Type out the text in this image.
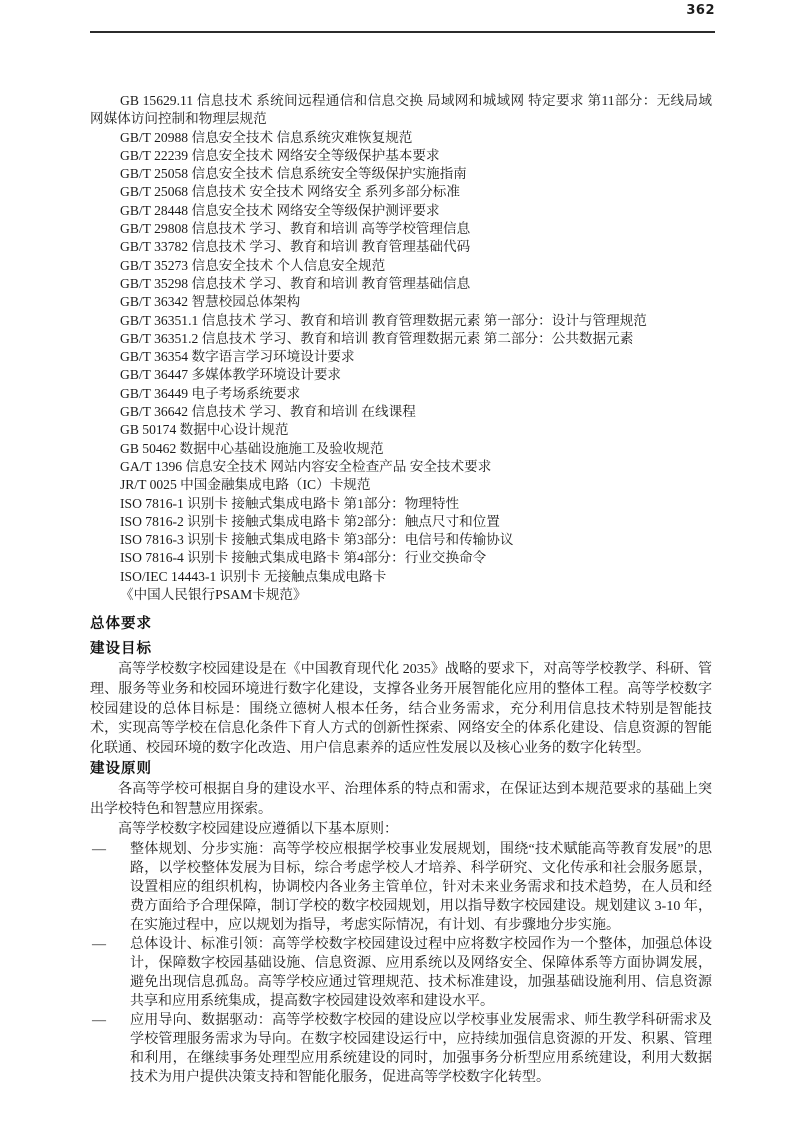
362

GB 15629.11 信息技术 系统间远程通信和信息交换 局域网和城域网 特定要求 第11部分：无线局域网媒体访问控制和物理层规范

GB/T 20988 信息安全技术 信息系统灾难恢复规范

GB/T 22239 信息安全技术 网络安全等级保护基本要求

GB/T 25058 信息安全技术 信息系统安全等级保护实施指南

GB/T 25068 信息技术 安全技术 网络安全 系列多部分标准

GB/T 28448 信息安全技术 网络安全等级保护测评要求

GB/T 29808 信息技术 学习、教育和培训 高等学校管理信息

GB/T 33782 信息技术 学习、教育和培训 教育管理基础代码

GB/T 35273 信息安全技术 个人信息安全规范

GB/T 35298 信息技术 学习、教育和培训 教育管理基础信息

GB/T 36342 智慧校园总体架构

GB/T 36351.1 信息技术 学习、教育和培训 教育管理数据元素 第一部分：设计与管理规范

GB/T 36351.2 信息技术 学习、教育和培训 教育管理数据元素 第二部分：公共数据元素

GB/T 36354 数字语言学习环境设计要求

GB/T 36447 多媒体教学环境设计要求

GB/T 36449 电子考场系统要求

GB/T 36642 信息技术 学习、教育和培训 在线课程

GB 50174 数据中心设计规范

GB 50462 数据中心基础设施施工及验收规范

GA/T 1396 信息安全技术 网站内容安全检查产品 安全技术要求

JR/T 0025 中国金融集成电路（IC）卡规范

ISO 7816-1 识别卡 接触式集成电路卡 第1部分：物理特性

ISO 7816-2 识别卡 接触式集成电路卡 第2部分：触点尺寸和位置

ISO 7816-3 识别卡 接触式集成电路卡 第3部分：电信号和传输协议

ISO 7816-4 识别卡 接触式集成电路卡 第4部分：行业交换命令

ISO/IEC 14443-1 识别卡 无接触点集成电路卡

《中国人民银行PSAM卡规范》

总体要求
建设目标

高等学校数字校园建设是在《中国教育现代化 2035》战略的要求下，对高等学校教学、科研、管理、服务等业务和校园环境进行数字化建设，支撑各业务开展智能化应用的整体工程。高等学校数字校园建设的总体目标是：围绕立德树人根本任务，结合业务需求，充分利用信息技术特别是智能技术，实现高等学校在信息化条件下育人方式的创新性探索、网络安全的体系化建设、信息资源的智能化联通、校园环境的数字化改造、用户信息素养的适应性发展以及核心业务的数字化转型。

建设原则

各高等学校可根据自身的建设水平、治理体系的特点和需求，在保证达到本规范要求的基础上突出学校特色和智慧应用探索。

高等学校数字校园建设应遵循以下基本原则：

— 整体规划、分步实施：高等学校应根据学校事业发展规划，围绕“技术赋能高等教育发展”的思路，以学校整体发展为目标，综合考虑学校人才培养、科学研究、文化传承和社会服务愿景，设置相应的组织机构，协调校内各业务主管单位，针对未来业务需求和技术趋势，在人员和经费方面给予合理保障，制订学校的数字校园规划，用以指导数字校园建设。规划建议 3-10 年，在实施过程中，应以规划为指导，考虑实际情况，有计划、有步骤地分步实施。
— 总体设计、标准引领：高等学校数字校园建设过程中应将数字校园作为一个整体，加强总体设计，保障数字校园基础设施、信息资源、应用系统以及网络安全、保障体系等方面协调发展，避免出现信息孤岛。高等学校应通过管理规范、技术标准建设，加强基础设施利用、信息资源共享和应用系统集成，提高数字校园建设效率和建设水平。
— 应用导向、数据驱动：高等学校数字校园的建设应以学校事业发展需求、师生教学科研需求及学校管理服务需求为导向。在数字校园建设运行中，应持续加强信息资源的开发、积累、管理和利用，在继续事务处理型应用系统建设的同时，加强事务分析型应用系统建设，利用大数据技术为用户提供决策支持和智能化服务，促进高等学校数字化转型。
